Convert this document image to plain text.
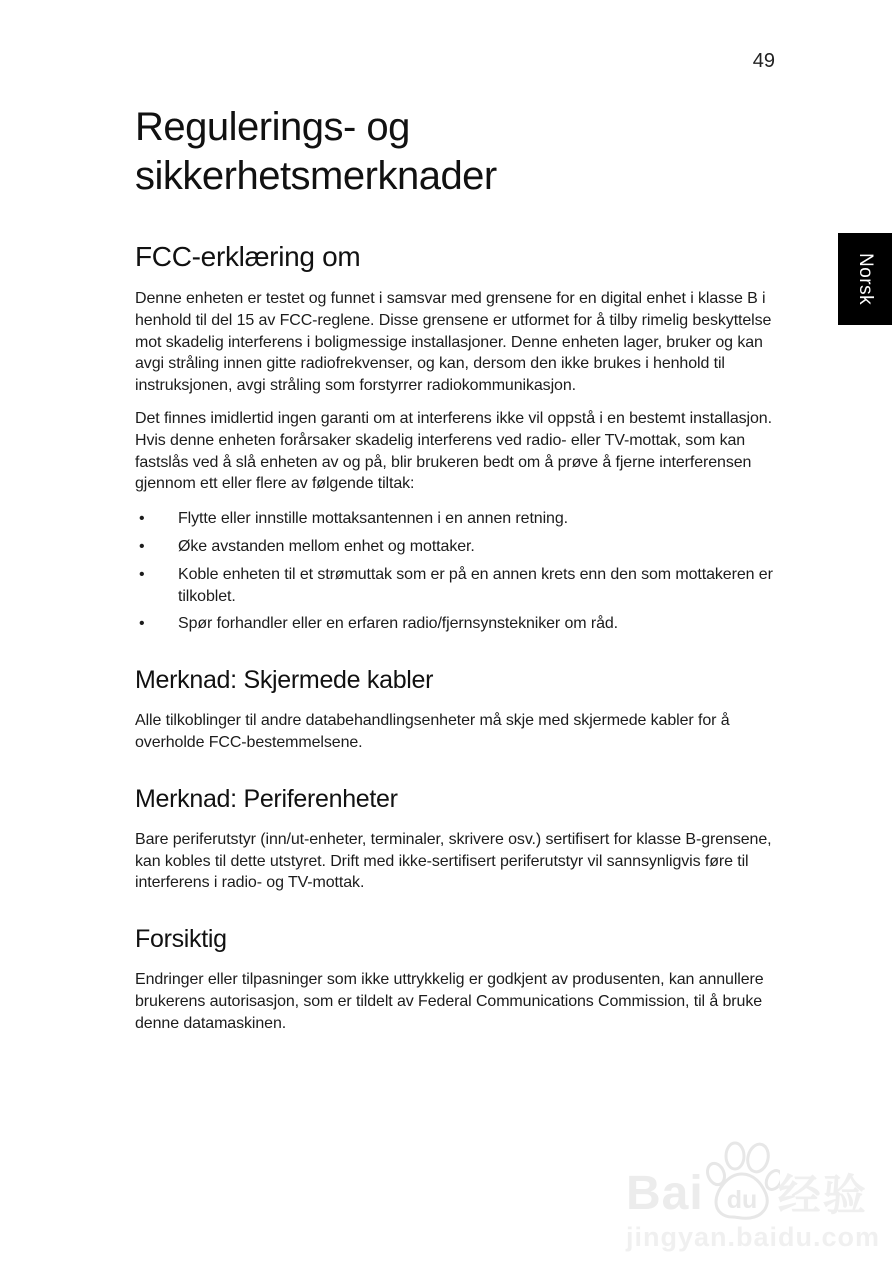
49
Regulerings- og
sikkerhetsmerknader
FCC-erklæring om

Denne enheten er testet og funnet i samsvar med grensene for en digital enhet i klasse B i henhold til del 15 av FCC-reglene. Disse grensene er utformet for å tilby rimelig beskyttelse mot skadelig interferens i boligmessige installasjoner. Denne enheten lager, bruker og kan avgi stråling innen gitte radiofrekvenser, og kan, dersom den ikke brukes i henhold til instruksjonen, avgi stråling som forstyrrer radiokommunikasjon.

Det finnes imidlertid ingen garanti om at interferens ikke vil oppstå i en bestemt installasjon. Hvis denne enheten forårsaker skadelig interferens ved radio- eller TV-mottak, som kan fastslås ved å slå enheten av og på, blir brukeren bedt om å prøve å fjerne interferensen gjennom ett eller flere av følgende tiltak:

•
Flytte eller innstille mottaksantennen i en annen retning.
•
Øke avstanden mellom enhet og mottaker.
•
Koble enheten til et strømuttak som er på en annen krets enn den som mottakeren er tilkoblet.
•
Spør forhandler eller en erfaren radio/fjernsynstekniker om råd.
Merknad: Skjermede kabler

Alle tilkoblinger til andre databehandlingsenheter må skje med skjermede kabler for å overholde FCC-bestemmelsene.

Merknad: Periferenheter

Bare periferutstyr (inn/ut-enheter, terminaler, skrivere osv.) sertifisert for klasse B-grensene, kan kobles til dette utstyret. Drift med ikke-sertifisert periferutstyr vil sannsynligvis føre til interferens i radio- og TV-mottak.

Forsiktig

Endringer eller tilpasninger som ikke uttrykkelig er godkjent av produsenten, kan annullere brukerens autorisasjon, som er tildelt av Federal Communications Commission, til å bruke denne datamaskinen.

Norsk
Bai du 经验
jingyan.baidu.com
